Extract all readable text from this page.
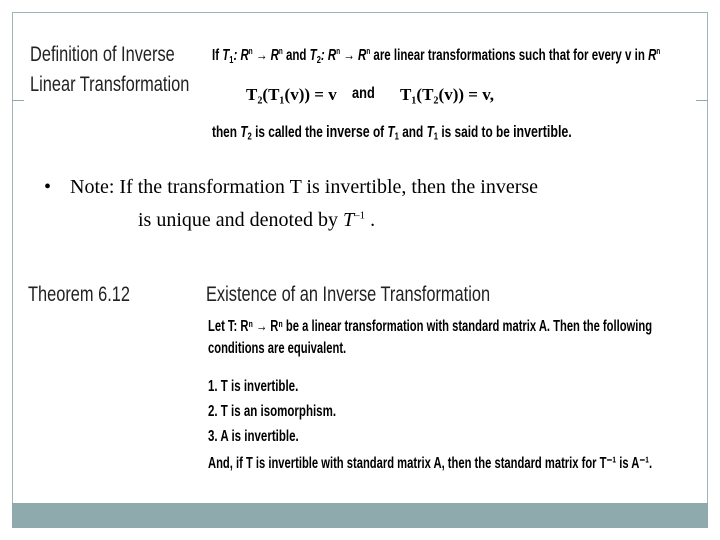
Definition of Inverse
Linear Transformation
If $T_1$: $R^n \to R^n$ and $T_2$: $R^n \to R^n$ are linear transformations such that for every v in $R^n$
T₂(T₁(v)) = v and	T₁(T₂(v)) = v,
then $T_2$ is called the inverse of $T_1$ and $T_1$ is said to be invertible.
• Note: If the transformation T is invertible, then the inverse
is unique and denoted by $T^{-1}$ .
Theorem 6.12	Existence of an Inverse Transformation
Let T: Rⁿ → Rⁿ be a linear transformation with standard matrix A. Then the following
conditions are equivalent.
1. T is invertible.
2. T is an isomorphism.
3. A is invertible.
And, if T is invertible with standard matrix A, then the standard matrix for T⁻¹ is A⁻¹.
